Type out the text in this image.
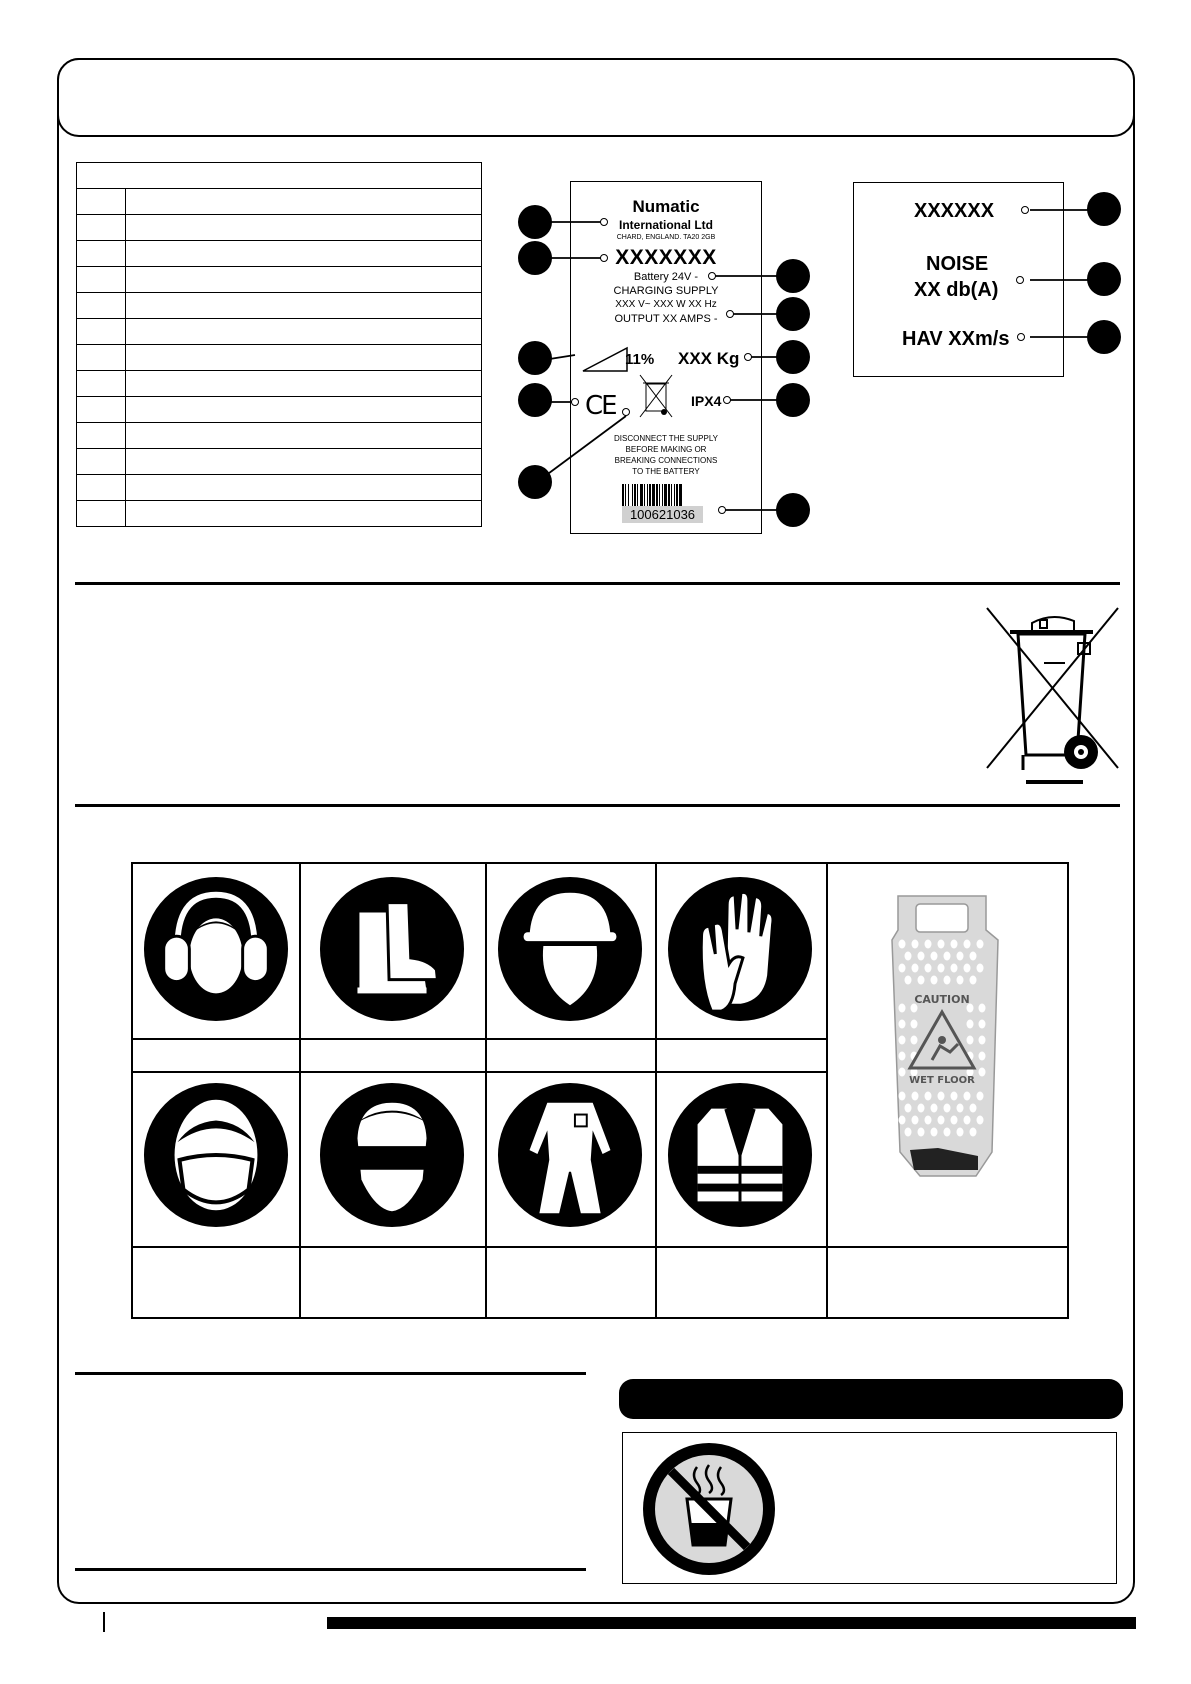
Numatic
International Ltd
CHARD, ENGLAND. TA20 2GB
XXXXXXX
Battery 24V -
CHARGING SUPPLY
XXX V~ XXX W XX Hz
OUTPUT XX AMPS -
11% XXX Kg
CE	IPX4
DISCONNECT THE SUPPLY
BEFORE MAKING OR
BREAKING CONNECTIONS
TO THE BATTERY
100621036
XXXXXX
NOISE
XX db(A)
HAV XXm/s
CAUTION
WET FLOOR
